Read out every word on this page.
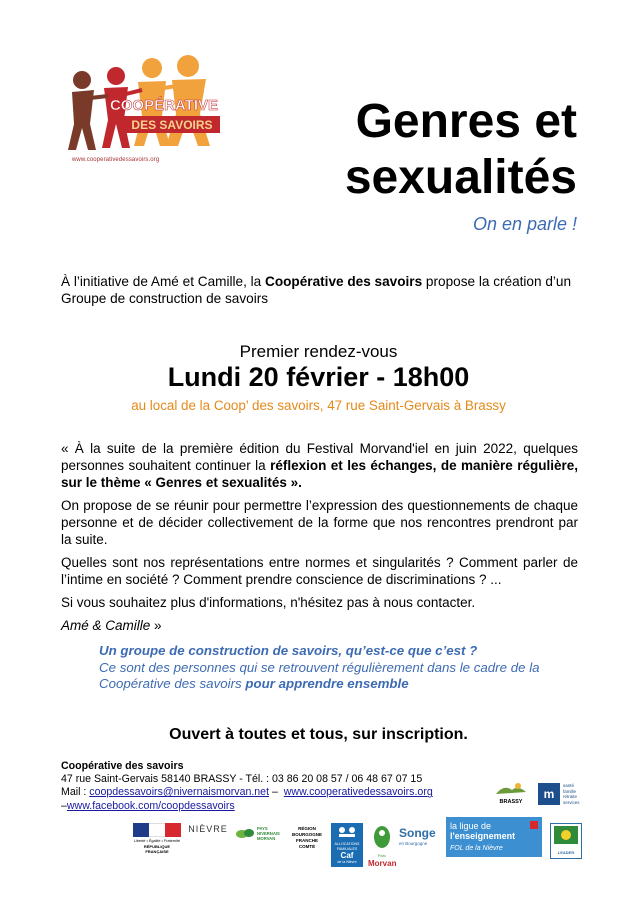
COOPÉRATIVE
DES SAVOIRS
www.cooperativedessavoirs.org
Genres et
sexualités
On en parle !
À l’initiative de Amé et Camille, la Coopérative des savoirs propose la création d’un Groupe de construction de savoirs
Premier rendez-vous
Lundi 20 février - 18h00
au local de la Coop’ des savoirs, 47 rue Saint-Gervais à Brassy

« À la suite de la première édition du Festival Morvand'iel en juin 2022, quelques personnes souhaitent continuer la réflexion et les échanges, de manière régulière, sur le thème « Genres et sexualités ».

On propose de se réunir pour permettre l’expression des questionnements de chaque personne et de décider collectivement de la forme que nos rencontres prendront par la suite.

Quelles sont nos représentations entre normes et singularités ? Comment parler de l’intime en société ? Comment prendre conscience de discriminations ? ...

Si vous souhaitez plus d'informations, n'hésitez pas à nous contacter.

Amé & Camille »

Un groupe de construction de savoirs, qu’est-ce que c’est ?
Ce sont des personnes qui se retrouvent régulièrement dans le cadre de la Coopérative des savoirs pour apprendre ensemble
Ouvert à toutes et tous, sur inscription.
Coopérative des savoirs
47 rue Saint-Gervais 58140 BRASSY - Tél. : 03 86 20 08 57 / 06 48 67 07 15
Mail : coopdessavoirs@nivernaismorvan.net –  www.cooperativedessavoirs.org
–www.facebook.com/coopdessavoirs	BRASSY
m
santé
famille
retraite
services
Liberté • Égalité • Fraternité
RÉPUBLIQUE FRANÇAISE
NIÈVRE	PAYS
NIVERNAIS
MORVAN
RÉGION
BOURGOGNE
FRANCHE
COMTÉ	ALLOCATIONS
FAMILIALES
Caf
de la Nièvre
Parc
Morvan
Songe
en Bourgogne
la ligue de
l'enseignement
FOL de la Nièvre
LEADER
